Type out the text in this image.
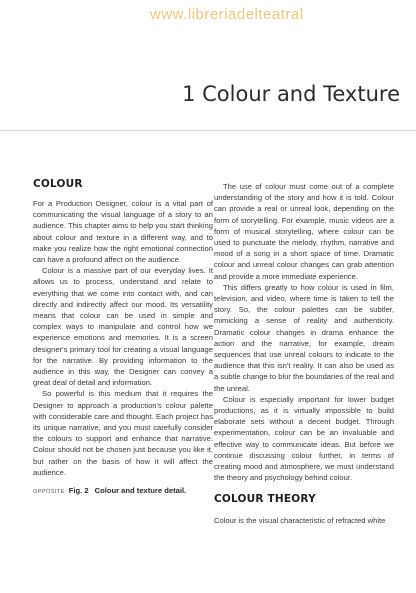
www.libreriadelteatral
1 Colour and Texture
COLOUR

For a Production Designer, colour is a vital part of communicating the visual language of a story to an audience. This chapter aims to help you start thinking about colour and texture in a different way, and to make you realize how the right emotional connection can have a profound affect on the audience.

Colour is a massive part of our everyday lives. It allows us to process, understand and relate to everything that we come into contact with, and can directly and indirectly affect our mood. Its versatility means that colour can be used in simple and complex ways to manipulate and control how we experience emotions and memories. It is a screen designer's primary tool for creating a visual language for the narrative. By providing information to the audience in this way, the Designer can convey a great deal of detail and information.

So powerful is this medium that it requires the Designer to approach a production's colour palette with considerable care and thought. Each project has its unique narrative, and you must carefully consider the colours to support and enhance that narrative. Colour should not be chosen just because you like it, but rather on the basis of how it will affect the audience.

The use of colour must come out of a complete understanding of the story and how it is told. Colour can provide a real or unreal look, depending on the form of storytelling. For example, music videos are a form of musical storytelling, where colour can be used to punctuate the melody, rhythm, narrative and mood of a song in a short space of time. Dramatic colour and unreal colour changes can grab attention and provide a more immediate experience.

This differs greatly to how colour is used in film, television, and video, where time is taken to tell the story. So, the colour palettes can be subtler, mimicking a sense of reality and authenticity. Dramatic colour changes in drama enhance the action and the narrative, for example, dream sequences that use unreal colours to indicate to the audience that this isn't reality. It can also be used as a subtle change to blur the boundaries of the real and the unreal.

Colour is especially important for lower budget productions, as it is virtually impossible to build elaborate sets without a decent budget. Through experimentation, colour can be an invaluable and effective way to communicate ideas. But before we continue discussing colour further, in terms of creating mood and atmosphere, we must understand the theory and psychology behind colour.

COLOUR THEORY

Colour is the visual characteristic of refracted white

OPPOSITE: Fig. 2 Colour and texture detail.
